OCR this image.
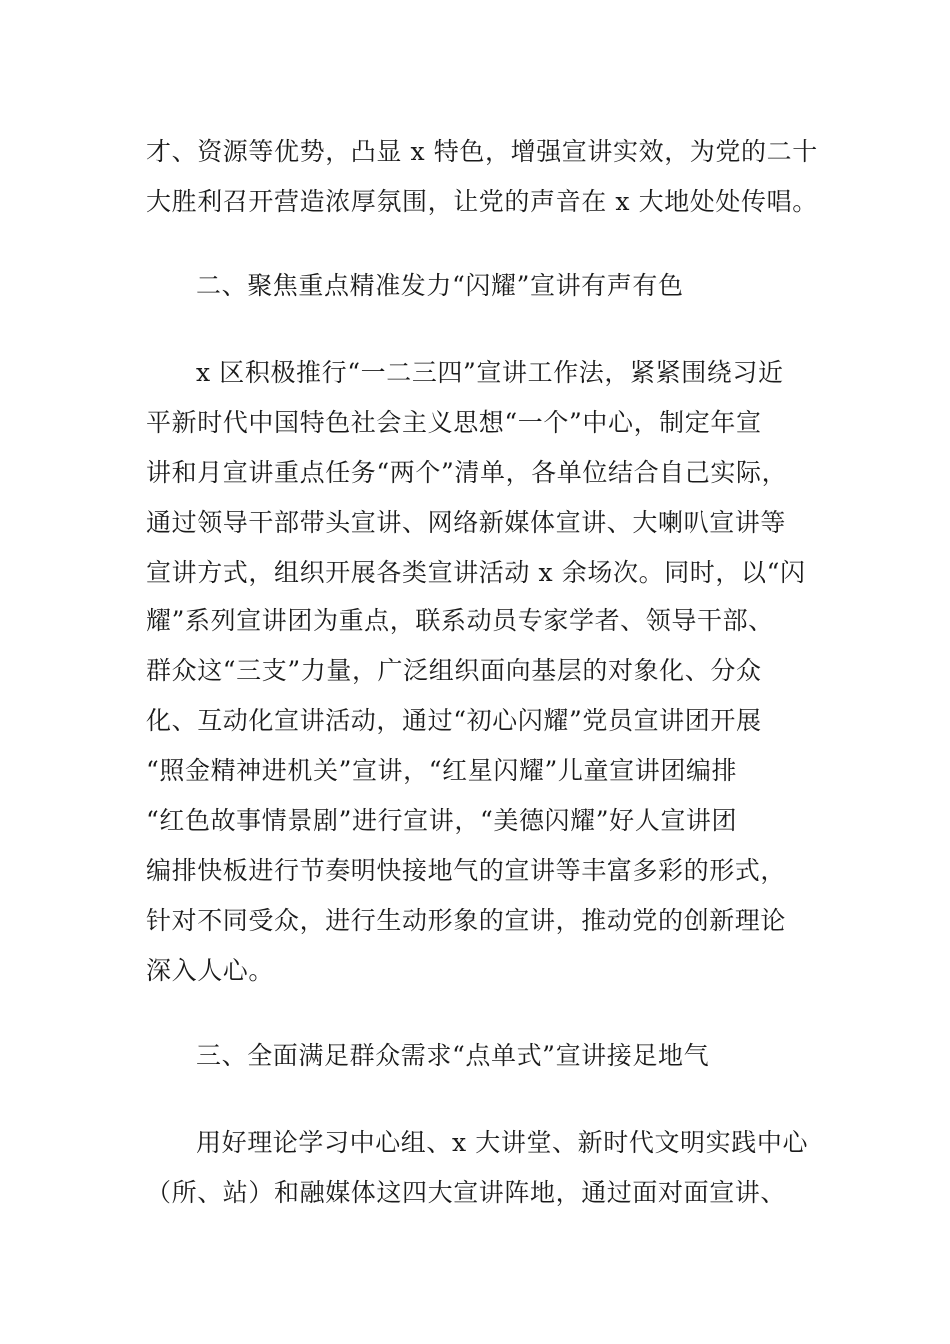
才、资源等优势，凸显 x 特色，增强宣讲实效，为党的二十
大胜利召开营造浓厚氛围，让党的声音在 x 大地处处传唱。
二、聚焦重点精准发力“闪耀”宣讲有声有色
x 区积极推行“一二三四”宣讲工作法，紧紧围绕习近
平新时代中国特色社会主义思想“一个”中心，制定年宣
讲和月宣讲重点任务“两个”清单，各单位结合自己实际，
通过领导干部带头宣讲、网络新媒体宣讲、大喇叭宣讲等
宣讲方式，组织开展各类宣讲活动 x 余场次。同时，以“闪
耀”系列宣讲团为重点，联系动员专家学者、领导干部、
群众这“三支”力量，广泛组织面向基层的对象化、分众
化、互动化宣讲活动，通过“初心闪耀”党员宣讲团开展
“照金精神进机关”宣讲，“红星闪耀”儿童宣讲团编排
“红色故事情景剧”进行宣讲，“美德闪耀”好人宣讲团
编排快板进行节奏明快接地气的宣讲等丰富多彩的形式，
针对不同受众，进行生动形象的宣讲，推动党的创新理论
深入人心。
三、全面满足群众需求“点单式”宣讲接足地气
用好理论学习中心组、x 大讲堂、新时代文明实践中心
（所、站）和融媒体这四大宣讲阵地，通过面对面宣讲、
